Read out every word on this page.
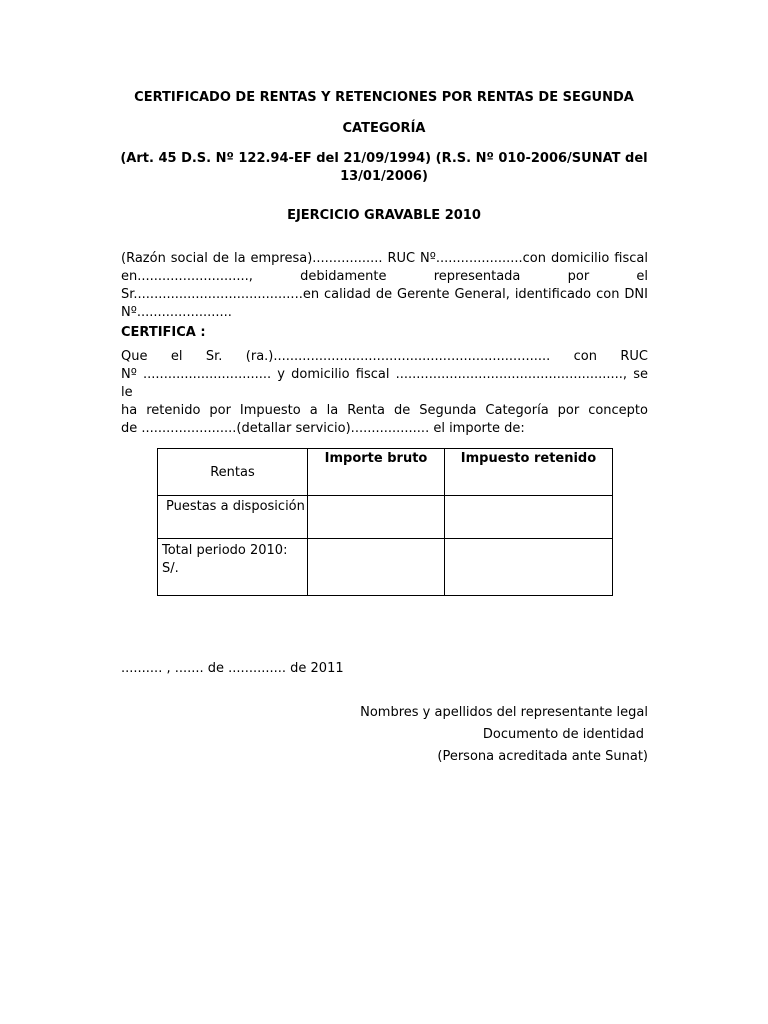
CERTIFICADO DE RENTAS Y RETENCIONES POR RENTAS DE SEGUNDA
CATEGORÍA
(Art. 45 D.S. Nº 122.94-EF del 21/09/1994) (R.S. Nº 010-2006/SUNAT del
13/01/2006)
EJERCICIO GRAVABLE 2010
(Razón social de la empresa)................. RUC Nº.....................con domicilio fiscal
en..........................., debidamente representada por el
Sr.........................................en calidad de Gerente General, identificado con DNI
Nº.......................
CERTIFICA :
Que el Sr. (ra.)................................................................... con RUC
Nº ............................... y domicilio fiscal ......................................................., se le
ha retenido por Impuesto a la Renta de Segunda Categoría por concepto
de .......................(detallar servicio)................... el importe de:
Rentas	Importe bruto	Impuesto retenido
Puestas a disposición		
Total periodo 2010: S/.		
.......... , ....... de .............. de 2011
Nombres y apellidos del representante legal
Documento de identidad
(Persona acreditada ante Sunat)
